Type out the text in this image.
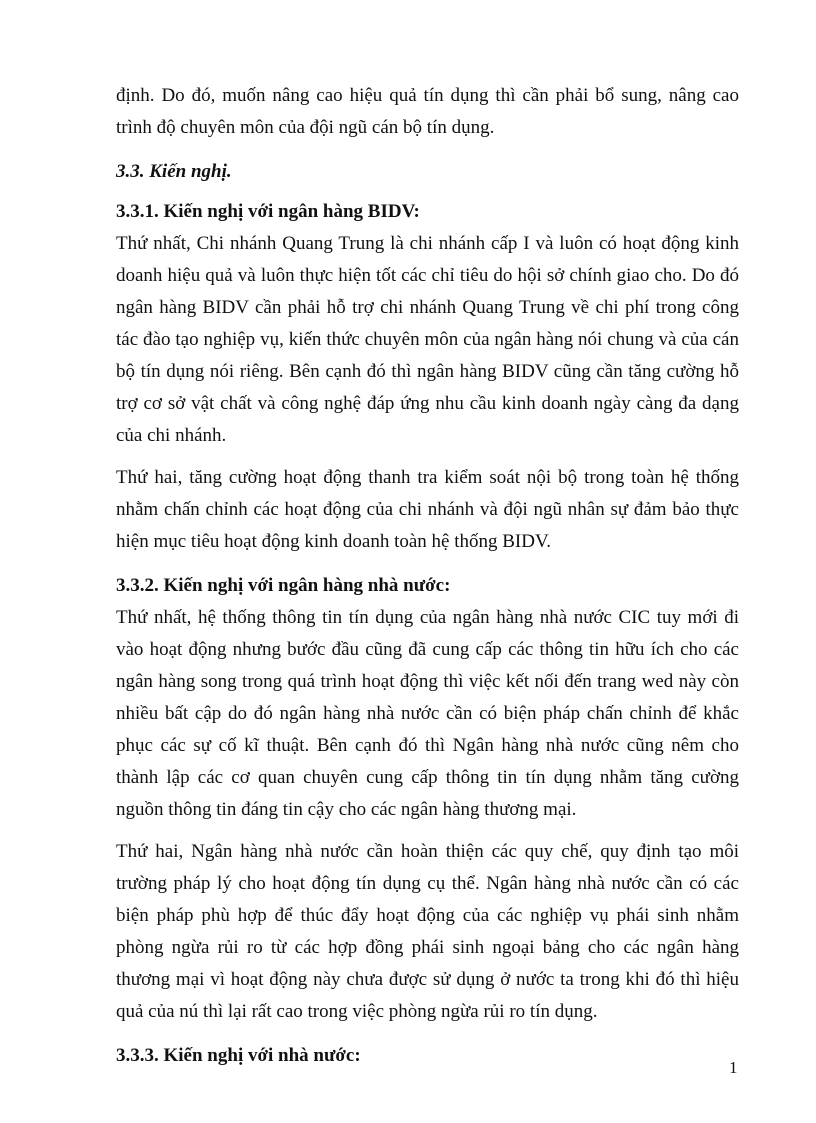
định. Do đó, muốn nâng cao hiệu quả tín dụng thì cần phải bổ sung, nâng cao trình độ chuyên môn của đội ngũ cán bộ tín dụng.

3.3. Kiến nghị.
3.3.1. Kiến nghị với ngân hàng BIDV:

Thứ nhất, Chi nhánh Quang Trung là chi nhánh cấp I và luôn có hoạt động kinh doanh hiệu quả và luôn thực hiện tốt các chỉ tiêu do hội sở chính giao cho. Do đó ngân hàng BIDV cần phải hỗ trợ chi nhánh Quang Trung về chi phí trong công tác đào tạo nghiệp vụ, kiến thức chuyên môn của ngân hàng nói chung và của cán bộ tín dụng nói riêng. Bên cạnh đó thì ngân hàng BIDV cũng cần tăng cường hỗ trợ cơ sở vật chất và công nghệ đáp ứng nhu cầu kinh doanh ngày càng đa dạng của chi nhánh.

Thứ hai, tăng cường hoạt động thanh tra kiểm soát nội bộ trong toàn hệ thống nhằm chấn chỉnh các hoạt động của chi nhánh và đội ngũ nhân sự đảm bảo thực hiện mục tiêu hoạt động kinh doanh toàn hệ thống BIDV.

3.3.2. Kiến nghị với ngân hàng nhà nước:

Thứ nhất, hệ thống thông tin tín dụng của ngân hàng nhà nước CIC tuy mới đi vào hoạt động nhưng bước đầu cũng đã cung cấp các thông tin hữu ích cho các ngân hàng song trong quá trình hoạt động thì việc kết nối đến trang wed này còn nhiều bất cập do đó ngân hàng nhà nước cần có biện pháp chấn chỉnh để khắc phục các sự cố kĩ thuật. Bên cạnh đó thì Ngân hàng nhà nước cũng nêm cho thành lập các cơ quan chuyên cung cấp thông tin tín dụng nhằm tăng cường nguồn thông tin đáng tin cậy cho các ngân hàng thương mại.

Thứ hai, Ngân hàng nhà nước cần hoàn thiện các quy chế, quy định tạo môi trường pháp lý cho hoạt động tín dụng cụ thể. Ngân hàng nhà nước cần có các biện pháp phù hợp để thúc đẩy hoạt động của các nghiệp vụ phái sinh nhằm phòng ngừa rủi ro từ các hợp đồng phái sinh ngoại bảng cho các ngân hàng thương mại vì hoạt động này chưa được sử dụng ở nước ta trong khi đó thì hiệu quả của nú thì lại rất cao trong việc phòng ngừa rủi ro tín dụng.

3.3.3. Kiến nghị với nhà nước:
1
